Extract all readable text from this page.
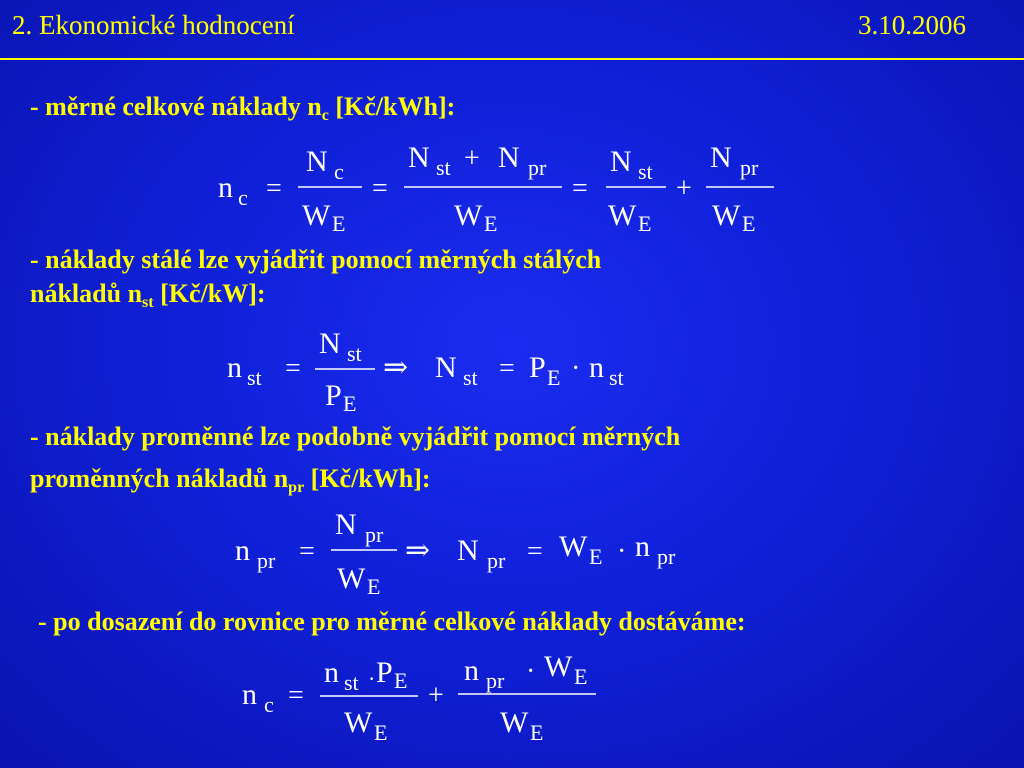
2. Ekonomické hodnocení	3.10.2006
- měrné celkové náklady $n_c$ [Kč/kWh]:
n c =
N c
W E
=
N st + N pr
W E
=
N st
W E
+
N pr
W E
- náklady stálé lze vyjádřit pomocí měrných stálých
nákladů $n_{st}$ [Kč/kW]:
n st =
N st
P E
⇒ N st = P E · n st
- náklady proměnné lze podobně vyjádřit pomocí měrných
proměnných nákladů $n_{pr}$ [Kč/kWh]:
n pr =
N pr
W E
⇒ N pr = W E · n pr
- po dosazení do rovnice pro měrné celkové náklady dostáváme:
n c =
n st · P E
W E
+
n pr · W E
W E
